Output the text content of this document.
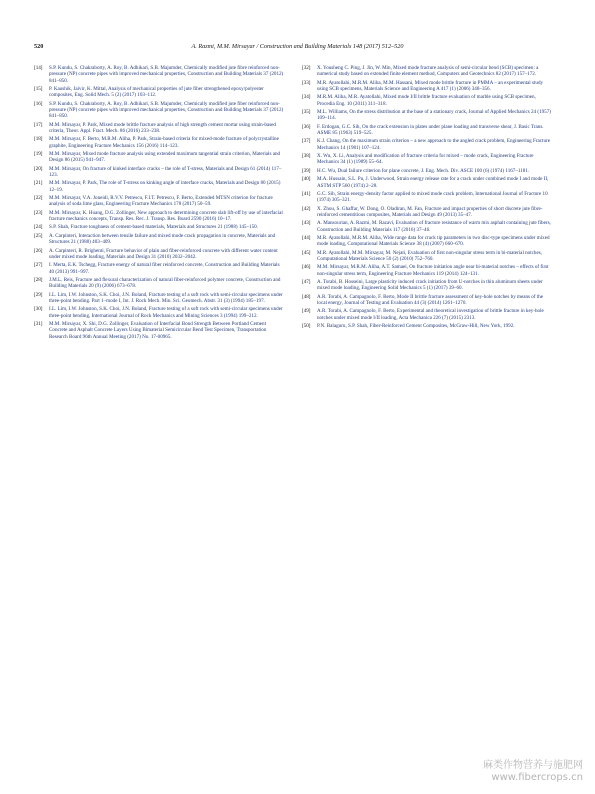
520	A. Razmi, M.M. Mirsayar / Construction and Building Materials 148 (2017) 512–520
[14]	S.P. Kundu, S. Chakraborty, A. Roy, B. Adhikari, S.B. Majumder, Chemically modified jute fibre reinforced non-pressure (NP) concrete pipes with improved mechanical properties, Construction and Building Materials 37 (2012) 841–850.
[15]	P. Kaushik, Jaivir, K. Mittal, Analysis of mechanical properties of jute fiber strengthened epoxy/polyester composites, Eng. Solid Mech. 5 (2) (2017) 103–112.
[16]	S.P. Kundu, S. Chakraborty, A. Roy, B. Adhikari, S.B. Majumder, Chemically modified jute fiber reinforced non-pressure (NP) concrete pipes with improved mechanical properties, Construction and Building Materials 37 (2012) 841–850.
[17]	M.M. Mirsayar, P. Park, Mixed mode brittle fracture analysis of high strength cement mortar using strain-based criteria, Theor. Appl. Fract. Mech. 86 (2016) 233–238.
[18]	M.M. Mirsayar, F. Berto, M.R.M. Aliha, P. Park, Strain-based criteria for mixed-mode fracture of polycrystalline graphite, Engineering Fracture Mechanics 156 (2016) 114–123.
[19]	M.M. Mirsayar, Mixed mode fracture analysis using extended maximum tangential strain criterion, Materials and Design 86 (2015) 941–947.
[20]	M.M. Mirsayar, On fracture of kinked interface cracks – the role of T-stress, Materials and Design 61 (2014) 117–123.
[21]	M.M. Mirsayar, P. Park, The role of T-stress on kinking angle of interface cracks, Materials and Design 80 (2015) 12–19.
[22]	M.M. Mirsayar, V.A. Joneidi, R.V.V. Petrescu, F.I.T. Petrescu, F. Berto, Extended MTSN criterion for fracture analysis of soda lime glass, Engineering Fracture Mechanics 178 (2017) 50–59.
[23]	M.M. Mirsayar, K. Huang, D.G. Zollinger, New approach to determining concrete slab lift-off by use of interfacial fracture mechanics concepts, Transp. Res. Rec. J. Transp. Res. Board 2590 (2016) 10–17.
[24]	S.P. Shah, Fracture toughness of cement-based materials, Materials and Structures 21 (1988) 145–150.
[25]	A. Carpinteri, Interaction between tensile failure and mixed mode crack propagation in concrete, Materials and Structures 21 (1988) 403–409.
[26]	A. Carpinteri, R. Brighenti, Fracture behavior of plain and fiber-reinforced concrete with different water content under mixed mode loading, Materials and Design 31 (2010) 2032–2042.
[27]	I. Merta, E.K. Tschegg, Fracture energy of natural fiber reinforced concrete, Construction and Building Materials 40 (2013) 991–997.
[28]	J.M.L. Reis, Fracture and flexural characterization of natural fiber-reinforced polymer concrete, Construction and Building Materials 20 (9) (2006) 673–678.
[29]	I.L. Lim, I.W. Johnston, S.K. Choi, J.N. Boland, Fracture testing of a soft rock with semi-circular specimens under three-point bending. Part 1–mode I, Int. J. Rock Mech. Min. Sci. Geomech. Abstr. 31 (3) (1994) 185–197.
[30]	I.L. Lim, I.W. Johnston, S.K. Choi, J.N. Boland, Fracture testing of a soft rock with semi-circular specimens under three-point bending, International Journal of Rock Mechanics and Mining Sciences 3 (1994) 199–212.
[31]	M.M. Mirsayar, X. Shi, D.G. Zollinger, Evaluation of Interfacial Bond Strength Between Portland Cement Concrete and Asphalt Concrete Layers Using Bimaterial Semicircular Bend Test Specimen, Transportation Research Board 96th Annual Meeting (2017) No. 17-00965.
[32]	X. Yousheng C. Ping, J. Jin, W. Min, Mixed mode fracture analysis of semi-circular bend (SCB) specimen: a numerical study based on extended finite element method, Computers and Geotechnics 82 (2017) 157–172.
[33]	M.R. Ayatollahi, M.R.M. Aliha, M.M. Hassani, Mixed mode brittle fracture in PMMA – an experimental study using SCB specimens, Materials Science and Engineering A 417 (1) (2006) 348–356.
[34]	M.R.M. Aliha, M.R. Ayatollahi, Mixed mode I/II brittle fracture evaluation of marble using SCB specimen, Procedia Eng. 10 (2011) 311–318.
[35]	M.L. Williams, On the stress distribution at the base of a stationary crack, Journal of Applied Mechanics 24 (1957) 109–114.
[36]	F. Erdogan, G.C. Sih, On the crack extension in plates under plane loading and transverse shear, J. Basic Trans. ASME 85 (1963) 519–525.
[37]	K.J. Chang, On the maximum strain criterion – a new approach to the angled crack problem, Engineering Fracture Mechanics 14 (1981) 107–124.
[38]	X. Wu, X. Li, Analysis and modification of fracture criteria for mixed – mode crack, Engineering Fracture Mechanics 34 (1) (1989) 55–64.
[39]	H.C. Wu, Dual failure criterion for plane concrete, J. Eng. Mech. Div. ASCE 100 (6) (1974) 1167–1181.
[40]	M.A. Hussain, S.L. Pu, J. Underwood, Strain energy release rate for a crack under combined mode I and mode II, ASTM STP 560 (1974) 2–28.
[41]	G.C. Sih, Strain energy-density factor applied to mixed mode crack problem, International Journal of Fracture 10 (1974) 305–321.
[42]	X. Zhou, S. Ghaffar, W. Dong, O. Oladiran, M. Fan, Fracture and impact properties of short discrete jute fibre-reinforced cementitious composites, Materials and Design 49 (2013) 35–47.
[43]	A. Mansourian, A. Razmi, M. Razavi, Evaluation of fracture resistance of warm mix asphalt containing jute fibers, Construction and Building Materials 117 (2016) 37–46.
[44]	M.R. Ayatollahi, M.R.M. Aliha, Wide range data for crack tip parameters in two disc-type specimens under mixed mode loading, Computational Materials Science 38 (4) (2007) 660–670.
[45]	M.R. Ayatollahi, M.M. Mirsayar, M. Nejati, Evaluation of first non-singular stress term in bi-material notches, Computational Materials Science 50 (2) (2010) 752–760.
[46]	M.M. Mirsayar, M.R.M. Aliha, A.T. Samaei, On fracture initiation angle near bi-material notches – effects of first non-singular stress term, Engineering Fracture Mechanics 119 (2014) 124–131.
[47]	A. Torabi, B. Hosseini, Large plasticity induced crack initiation from U-notches in thin aluminum sheets under mixed mode loading, Engineering Solid Mechanics 5 (1) (2017) 39–60.
[48]	A.R. Torabi, A. Campagnolo, F. Berto, Mode II brittle fracture assessment of key-hole notches by means of the local energy, Journal of Testing and Evaluation 44 (3) (2014) 1261–1270.
[49]	A.R. Torabi, A. Campagnolo, F. Berto, Experimental and theoretical investigation of brittle fracture in key-hole notches under mixed mode I/II loading, Acta Mechanica 226 (7) (2015) 2313.
[50]	P.N. Balaguru, S.P. Shah, Fiber-Reinforced Cement Composites, McGraw-Hill, New York, 1992.
麻类作物营养与施肥网
www.fibercrops.cn
